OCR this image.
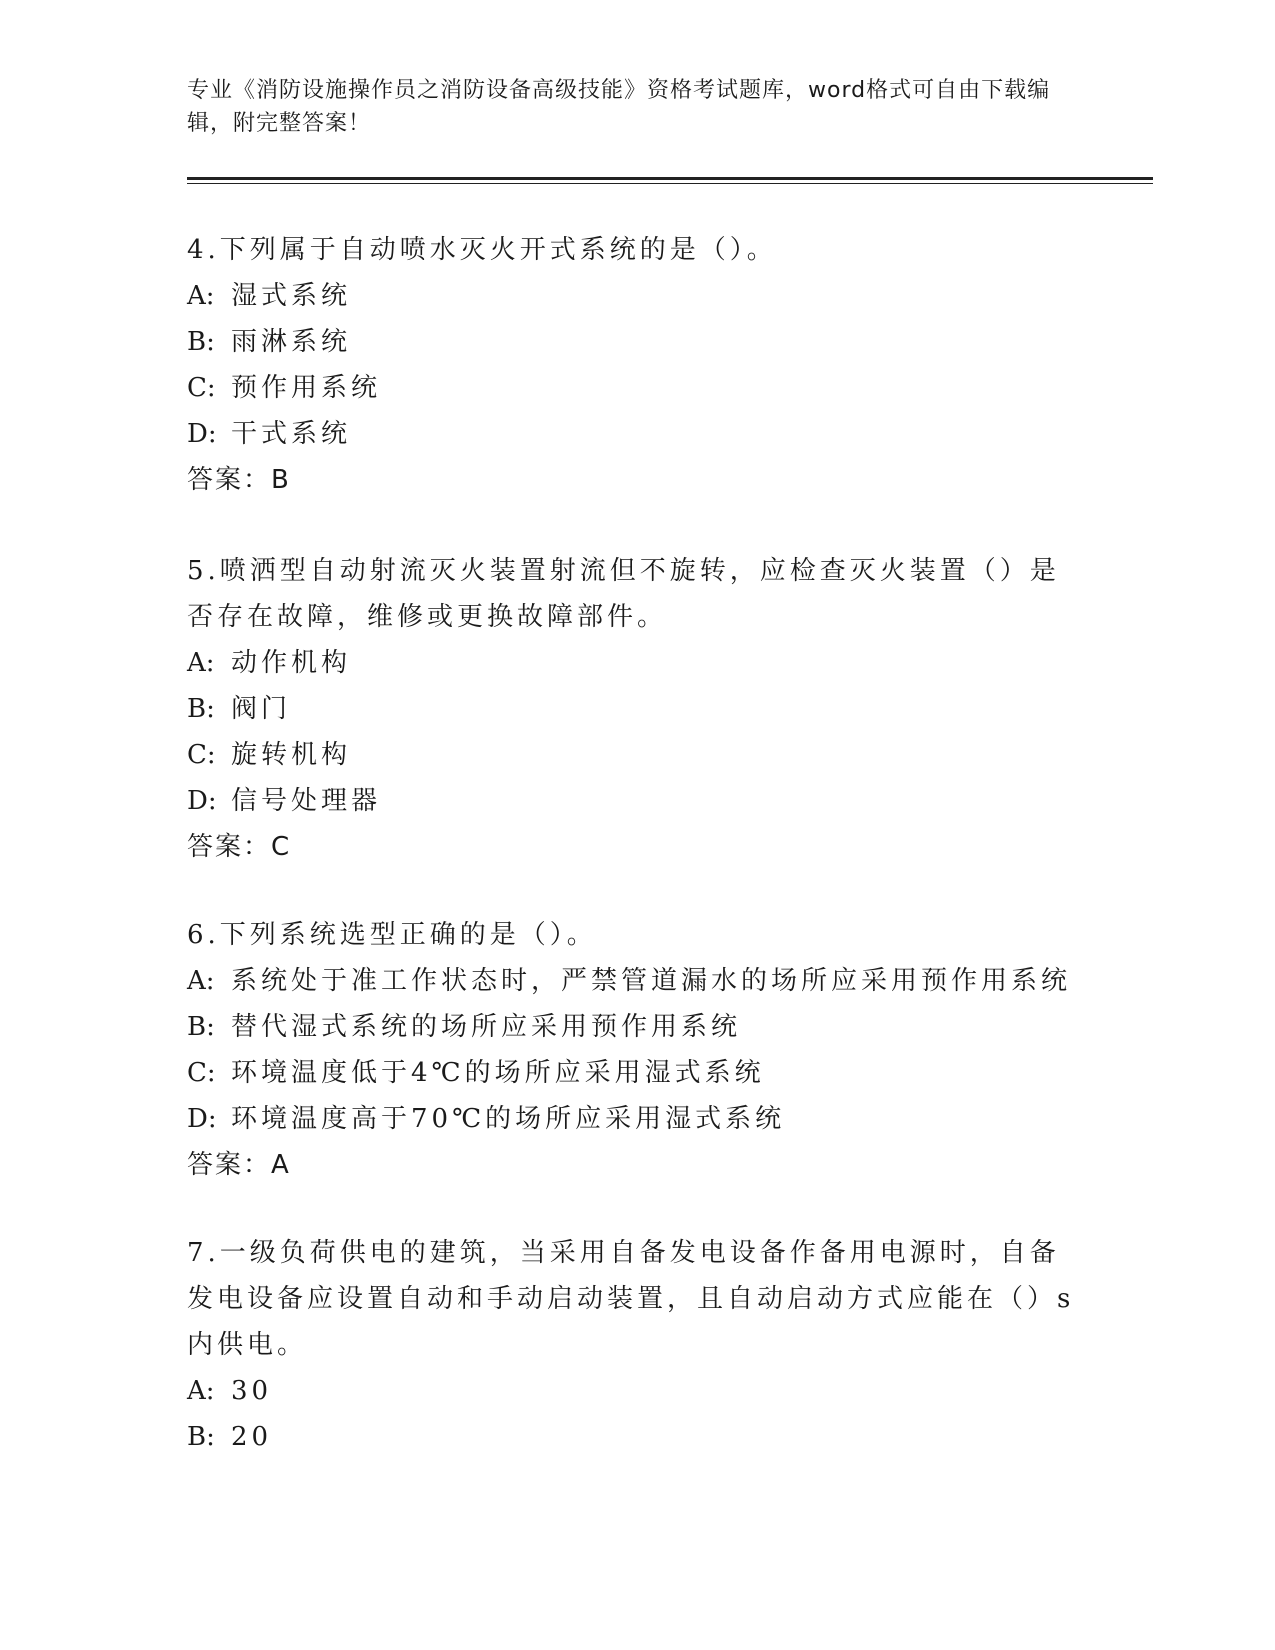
专业《消防设施操作员之消防设备高级技能》资格考试题库，word格式可自由下载编辑，附完整答案！
4.下列属于自动喷水灭火开式系统的是（）。
A: 湿式系统
B: 雨淋系统
C: 预作用系统
D: 干式系统
答案：B
5.喷洒型自动射流灭火装置射流但不旋转，应检查灭火装置（）是否存在故障，维修或更换故障部件。
A: 动作机构
B: 阀门
C: 旋转机构
D: 信号处理器
答案：C
6.下列系统选型正确的是（）。
A: 系统处于准工作状态时，严禁管道漏水的场所应采用预作用系统
B: 替代湿式系统的场所应采用预作用系统
C: 环境温度低于4℃的场所应采用湿式系统
D: 环境温度高于70℃的场所应采用湿式系统
答案：A
7.一级负荷供电的建筑，当采用自备发电设备作备用电源时，自备发电设备应设置自动和手动启动装置，且自动启动方式应能在（）s内供电。
A: 30
B: 20
